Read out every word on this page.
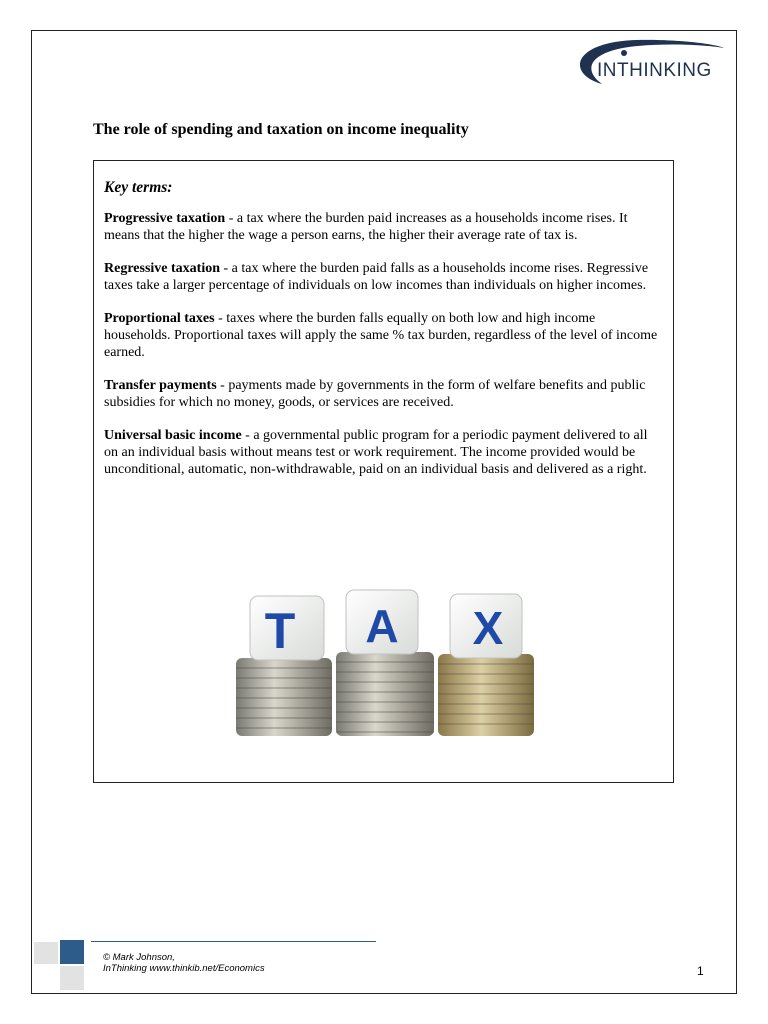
INTHINKING
The role of spending and taxation on income inequality

Key terms:

Progressive taxation - a tax where the burden paid increases as a households income rises. It means that the higher the wage a person earns, the higher their average rate of tax is.

Regressive taxation - a tax where the burden paid falls as a households income rises. Regressive taxes take a larger percentage of individuals on low incomes than individuals on higher incomes.

Proportional taxes - taxes where the burden falls equally on both low and high income households. Proportional taxes will apply the same % tax burden, regardless of the level of income earned.

Transfer payments - payments made by governments in the form of welfare benefits and public subsidies for which no money, goods, or services are received.

Universal basic income - a governmental public program for a periodic payment delivered to all on an individual basis without means test or work requirement. The income provided would be unconditional, automatic, non-withdrawable, paid on an individual basis and delivered as a right.

T A X
© Mark Johnson,
InThinking www.thinkib.net/Economics	1
